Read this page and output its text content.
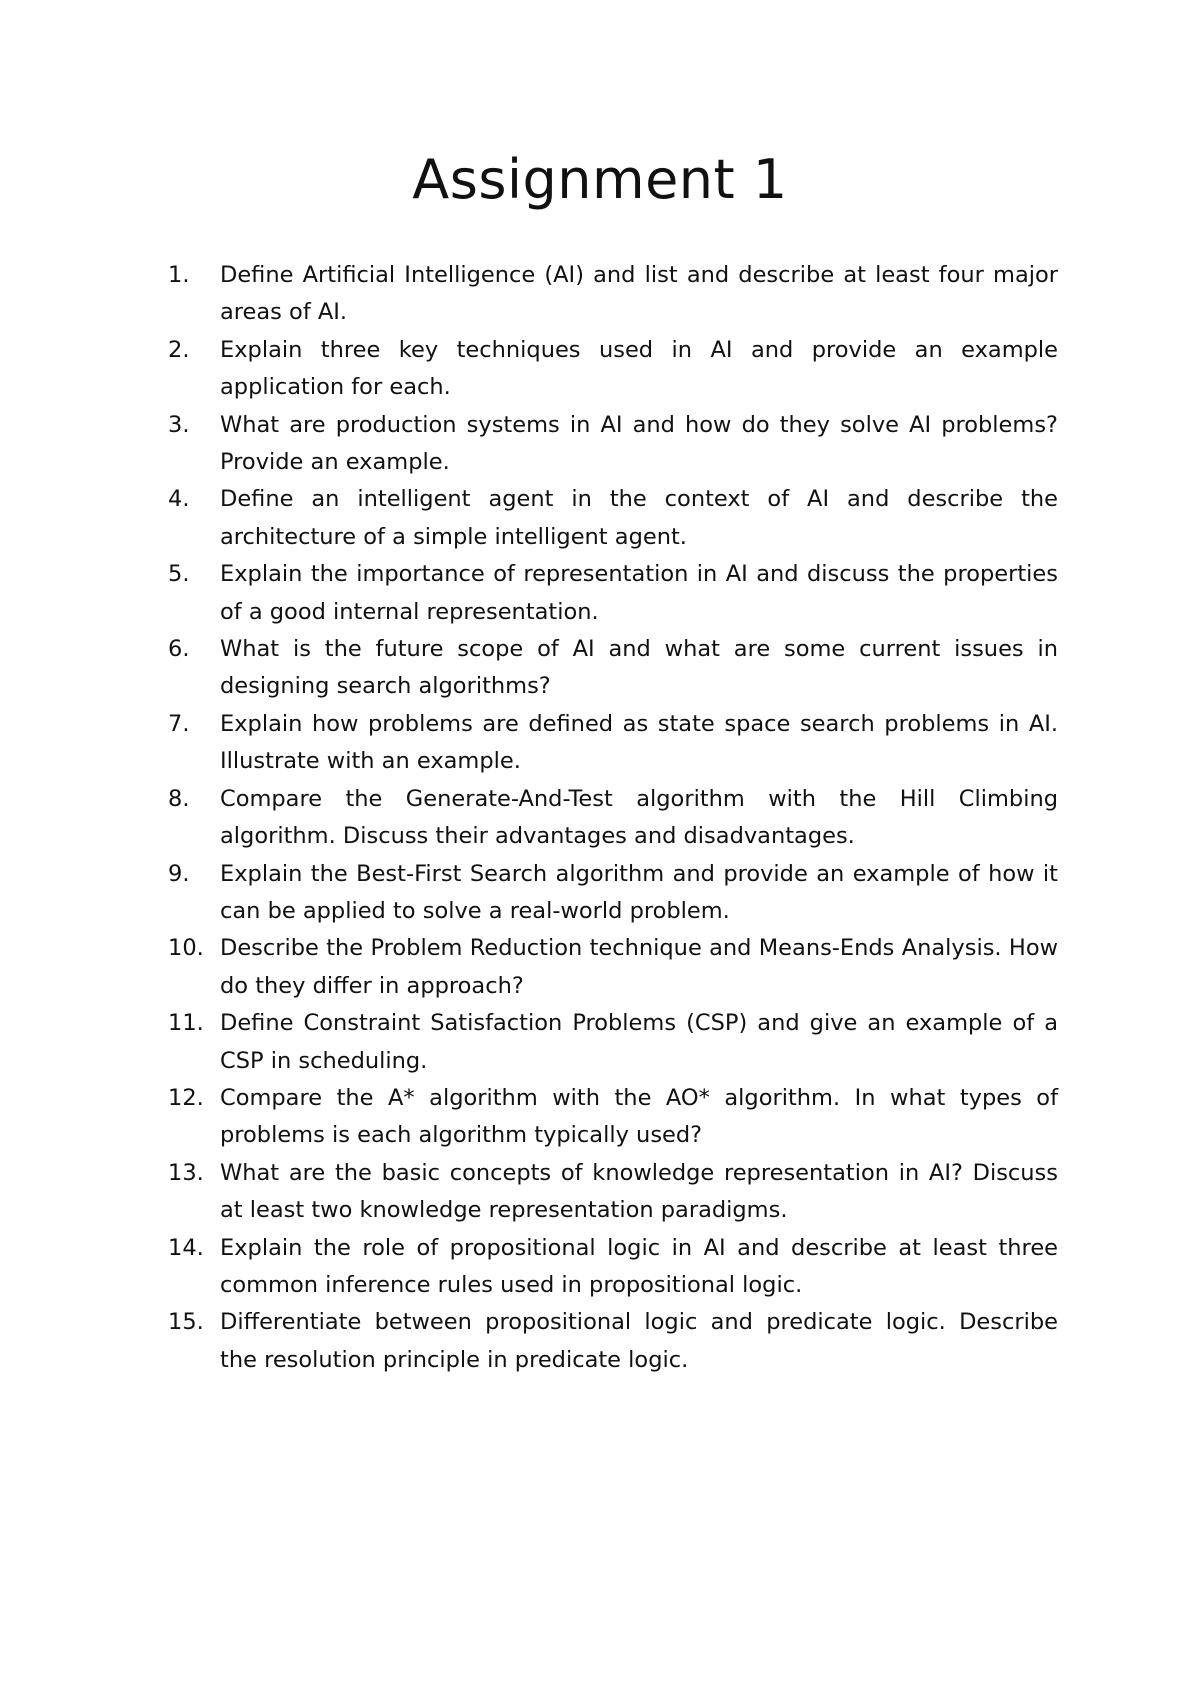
Assignment 1
1.	Define Artificial Intelligence (AI) and list and describe at least four major areas of AI.
2.	Explain three key techniques used in AI and provide an example application for each.
3.	What are production systems in AI and how do they solve AI problems? Provide an example.
4.	Define an intelligent agent in the context of AI and describe the architecture of a simple intelligent agent.
5.	Explain the importance of representation in AI and discuss the properties of a good internal representation.
6.	What is the future scope of AI and what are some current issues in designing search algorithms?
7.	Explain how problems are defined as state space search problems in AI. Illustrate with an example.
8.	Compare the Generate-And-Test algorithm with the Hill Climbing algorithm. Discuss their advantages and disadvantages.
9.	Explain the Best-First Search algorithm and provide an example of how it can be applied to solve a real-world problem.
10. Describe the Problem Reduction technique and Means-Ends Analysis. How do they differ in approach?
11. Define Constraint Satisfaction Problems (CSP) and give an example of a CSP in scheduling.
12. Compare the A* algorithm with the AO* algorithm. In what types of problems is each algorithm typically used?
13. What are the basic concepts of knowledge representation in AI? Discuss at least two knowledge representation paradigms.
14. Explain the role of propositional logic in AI and describe at least three common inference rules used in propositional logic.
15. Differentiate between propositional logic and predicate logic. Describe the resolution principle in predicate logic.
